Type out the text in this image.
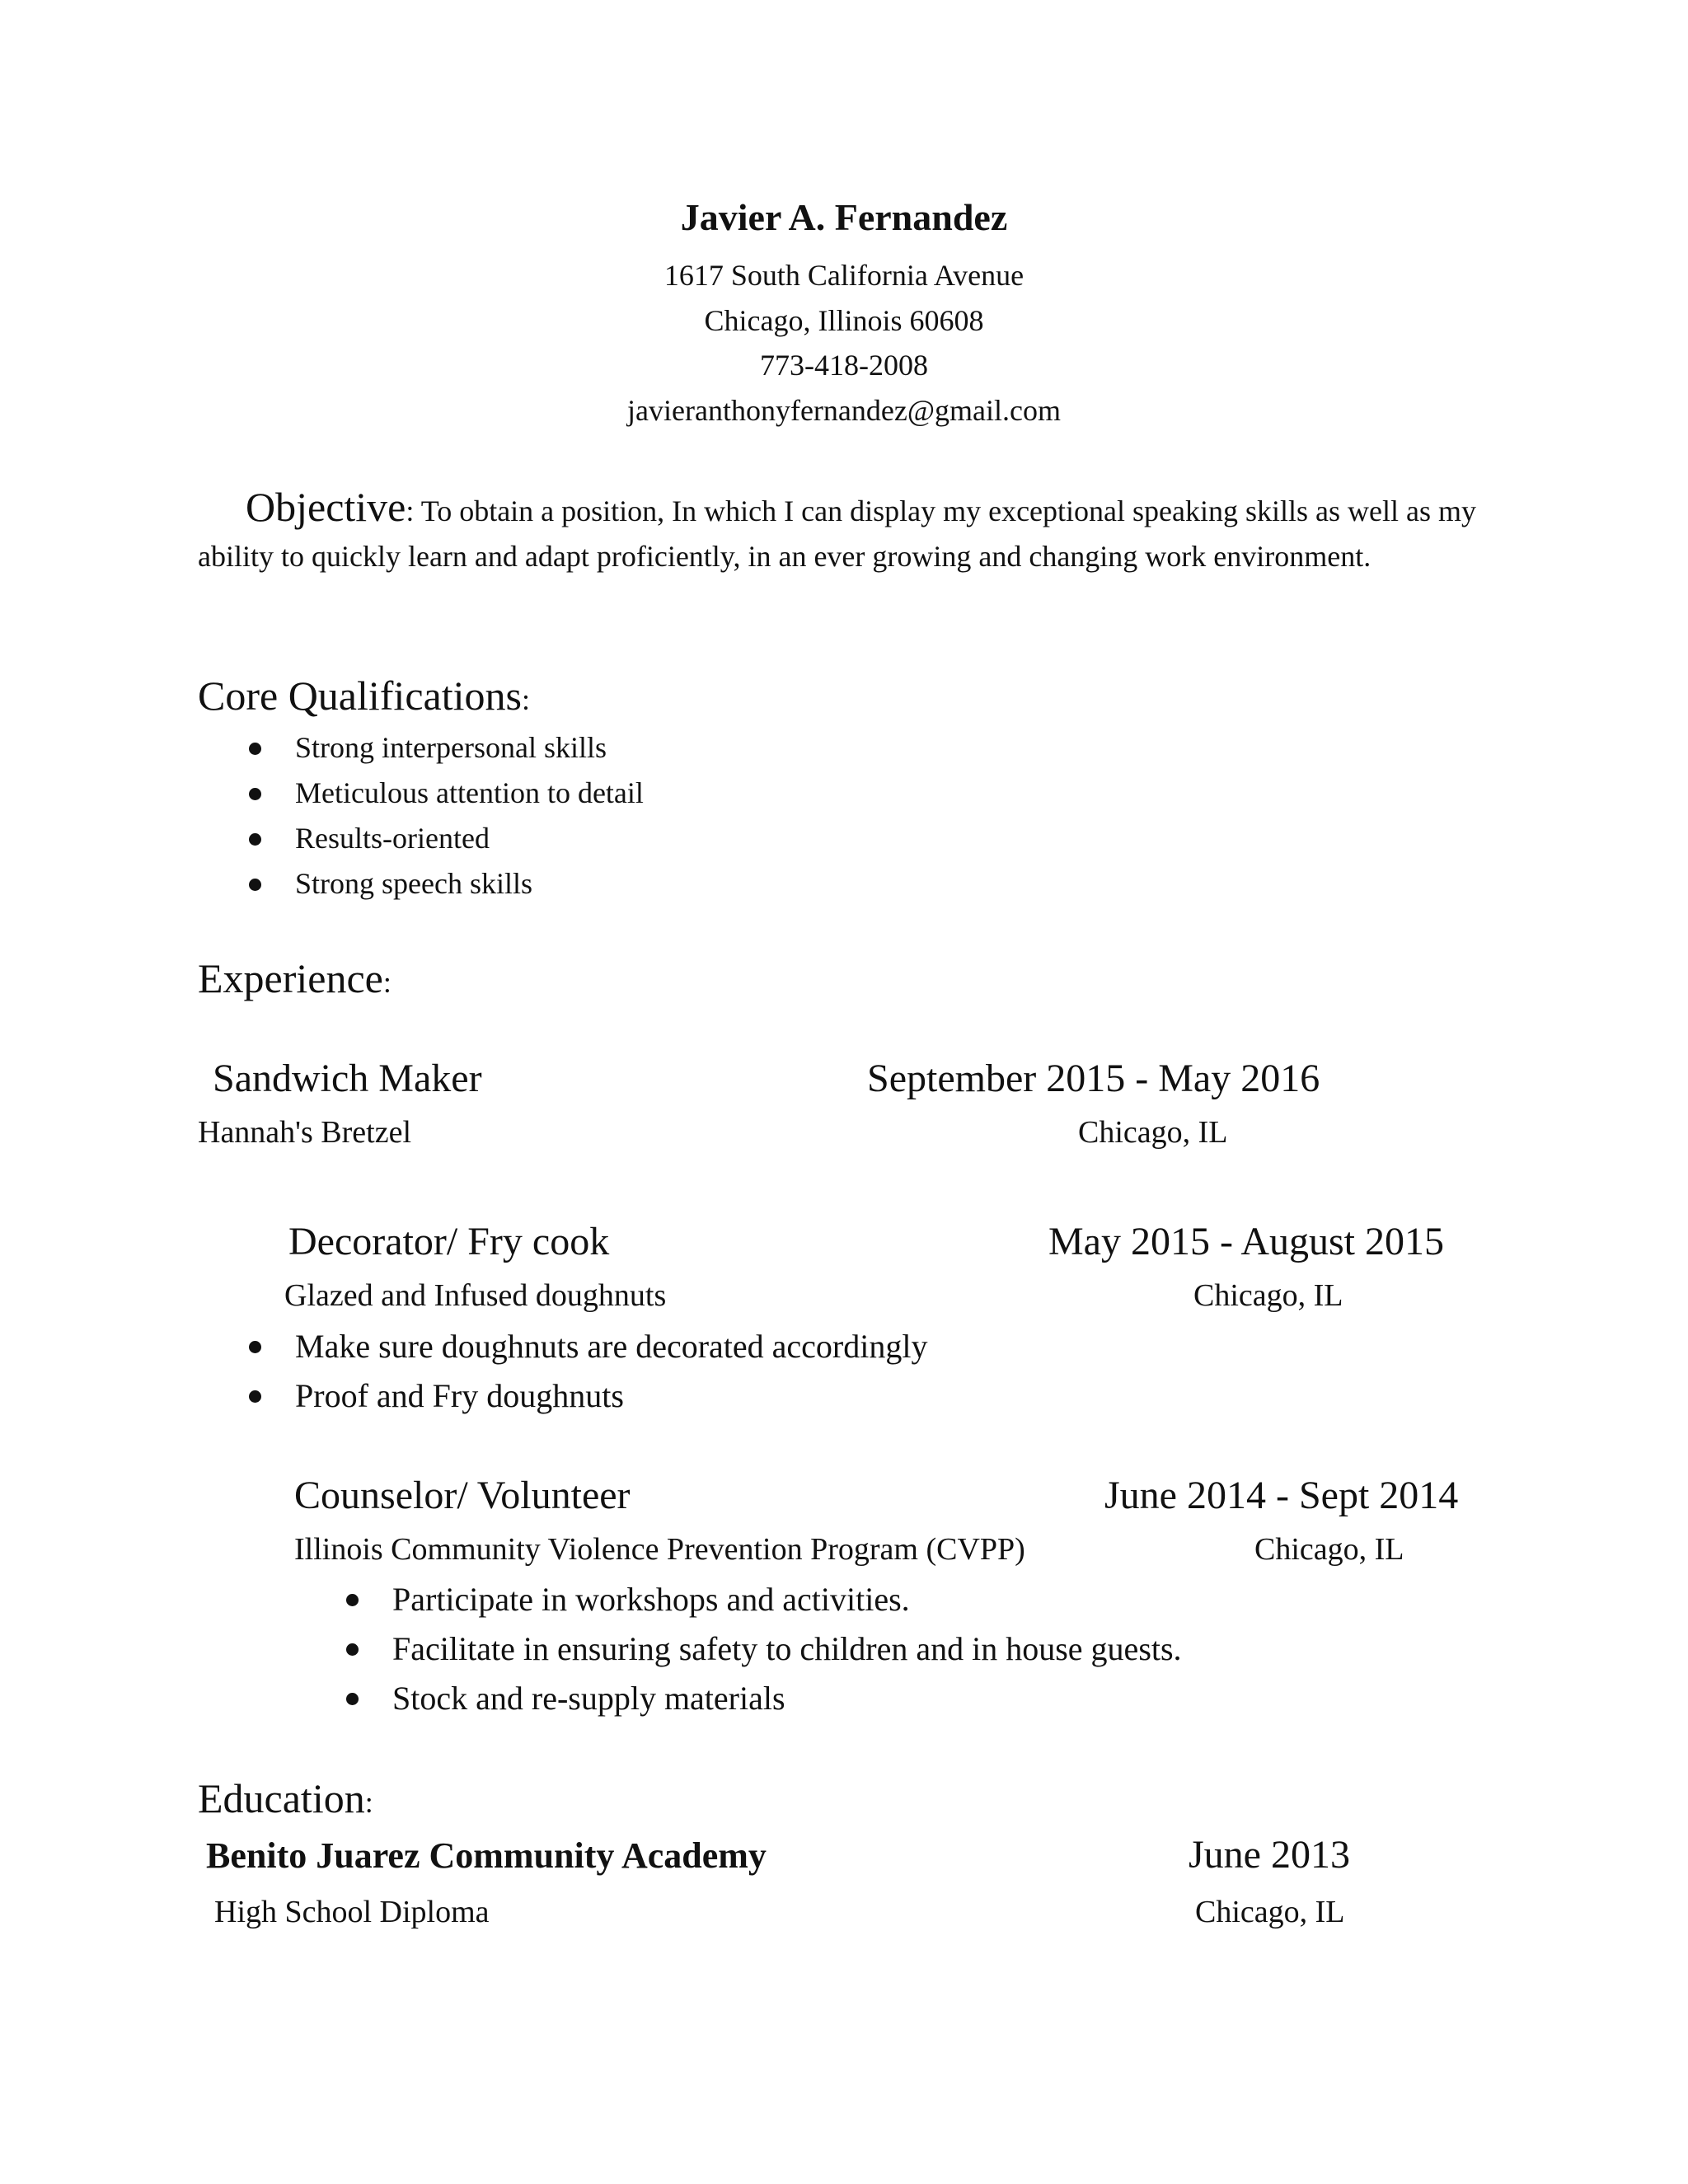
Javier A. Fernandez
1617 South California Avenue
Chicago, Illinois 60608
773-418-2008
javieranthonyfernandez@gmail.com
Objective: To obtain a position, In which I can display my exceptional speaking skills as well as my ability to quickly learn and adapt proficiently, in an ever growing and changing work environment.
Core Qualifications:
Strong interpersonal skills
Meticulous attention to detail
Results-oriented
Strong speech skills
Experience:
Sandwich Maker	September 2015 - May 2016
Hannah's Bretzel	Chicago, IL
Decorator/ Fry cook	May 2015 - August 2015
Glazed and Infused doughnuts	Chicago, IL
Make sure doughnuts are decorated accordingly
Proof and Fry doughnuts
Counselor/ Volunteer	June 2014 - Sept 2014
Illinois Community Violence Prevention Program (CVPP)	Chicago, IL
Participate in workshops and activities.
Facilitate in ensuring safety to children and in house guests.
Stock and re-supply materials
Education:
Benito Juarez Community Academy	June 2013
High School Diploma	Chicago, IL
